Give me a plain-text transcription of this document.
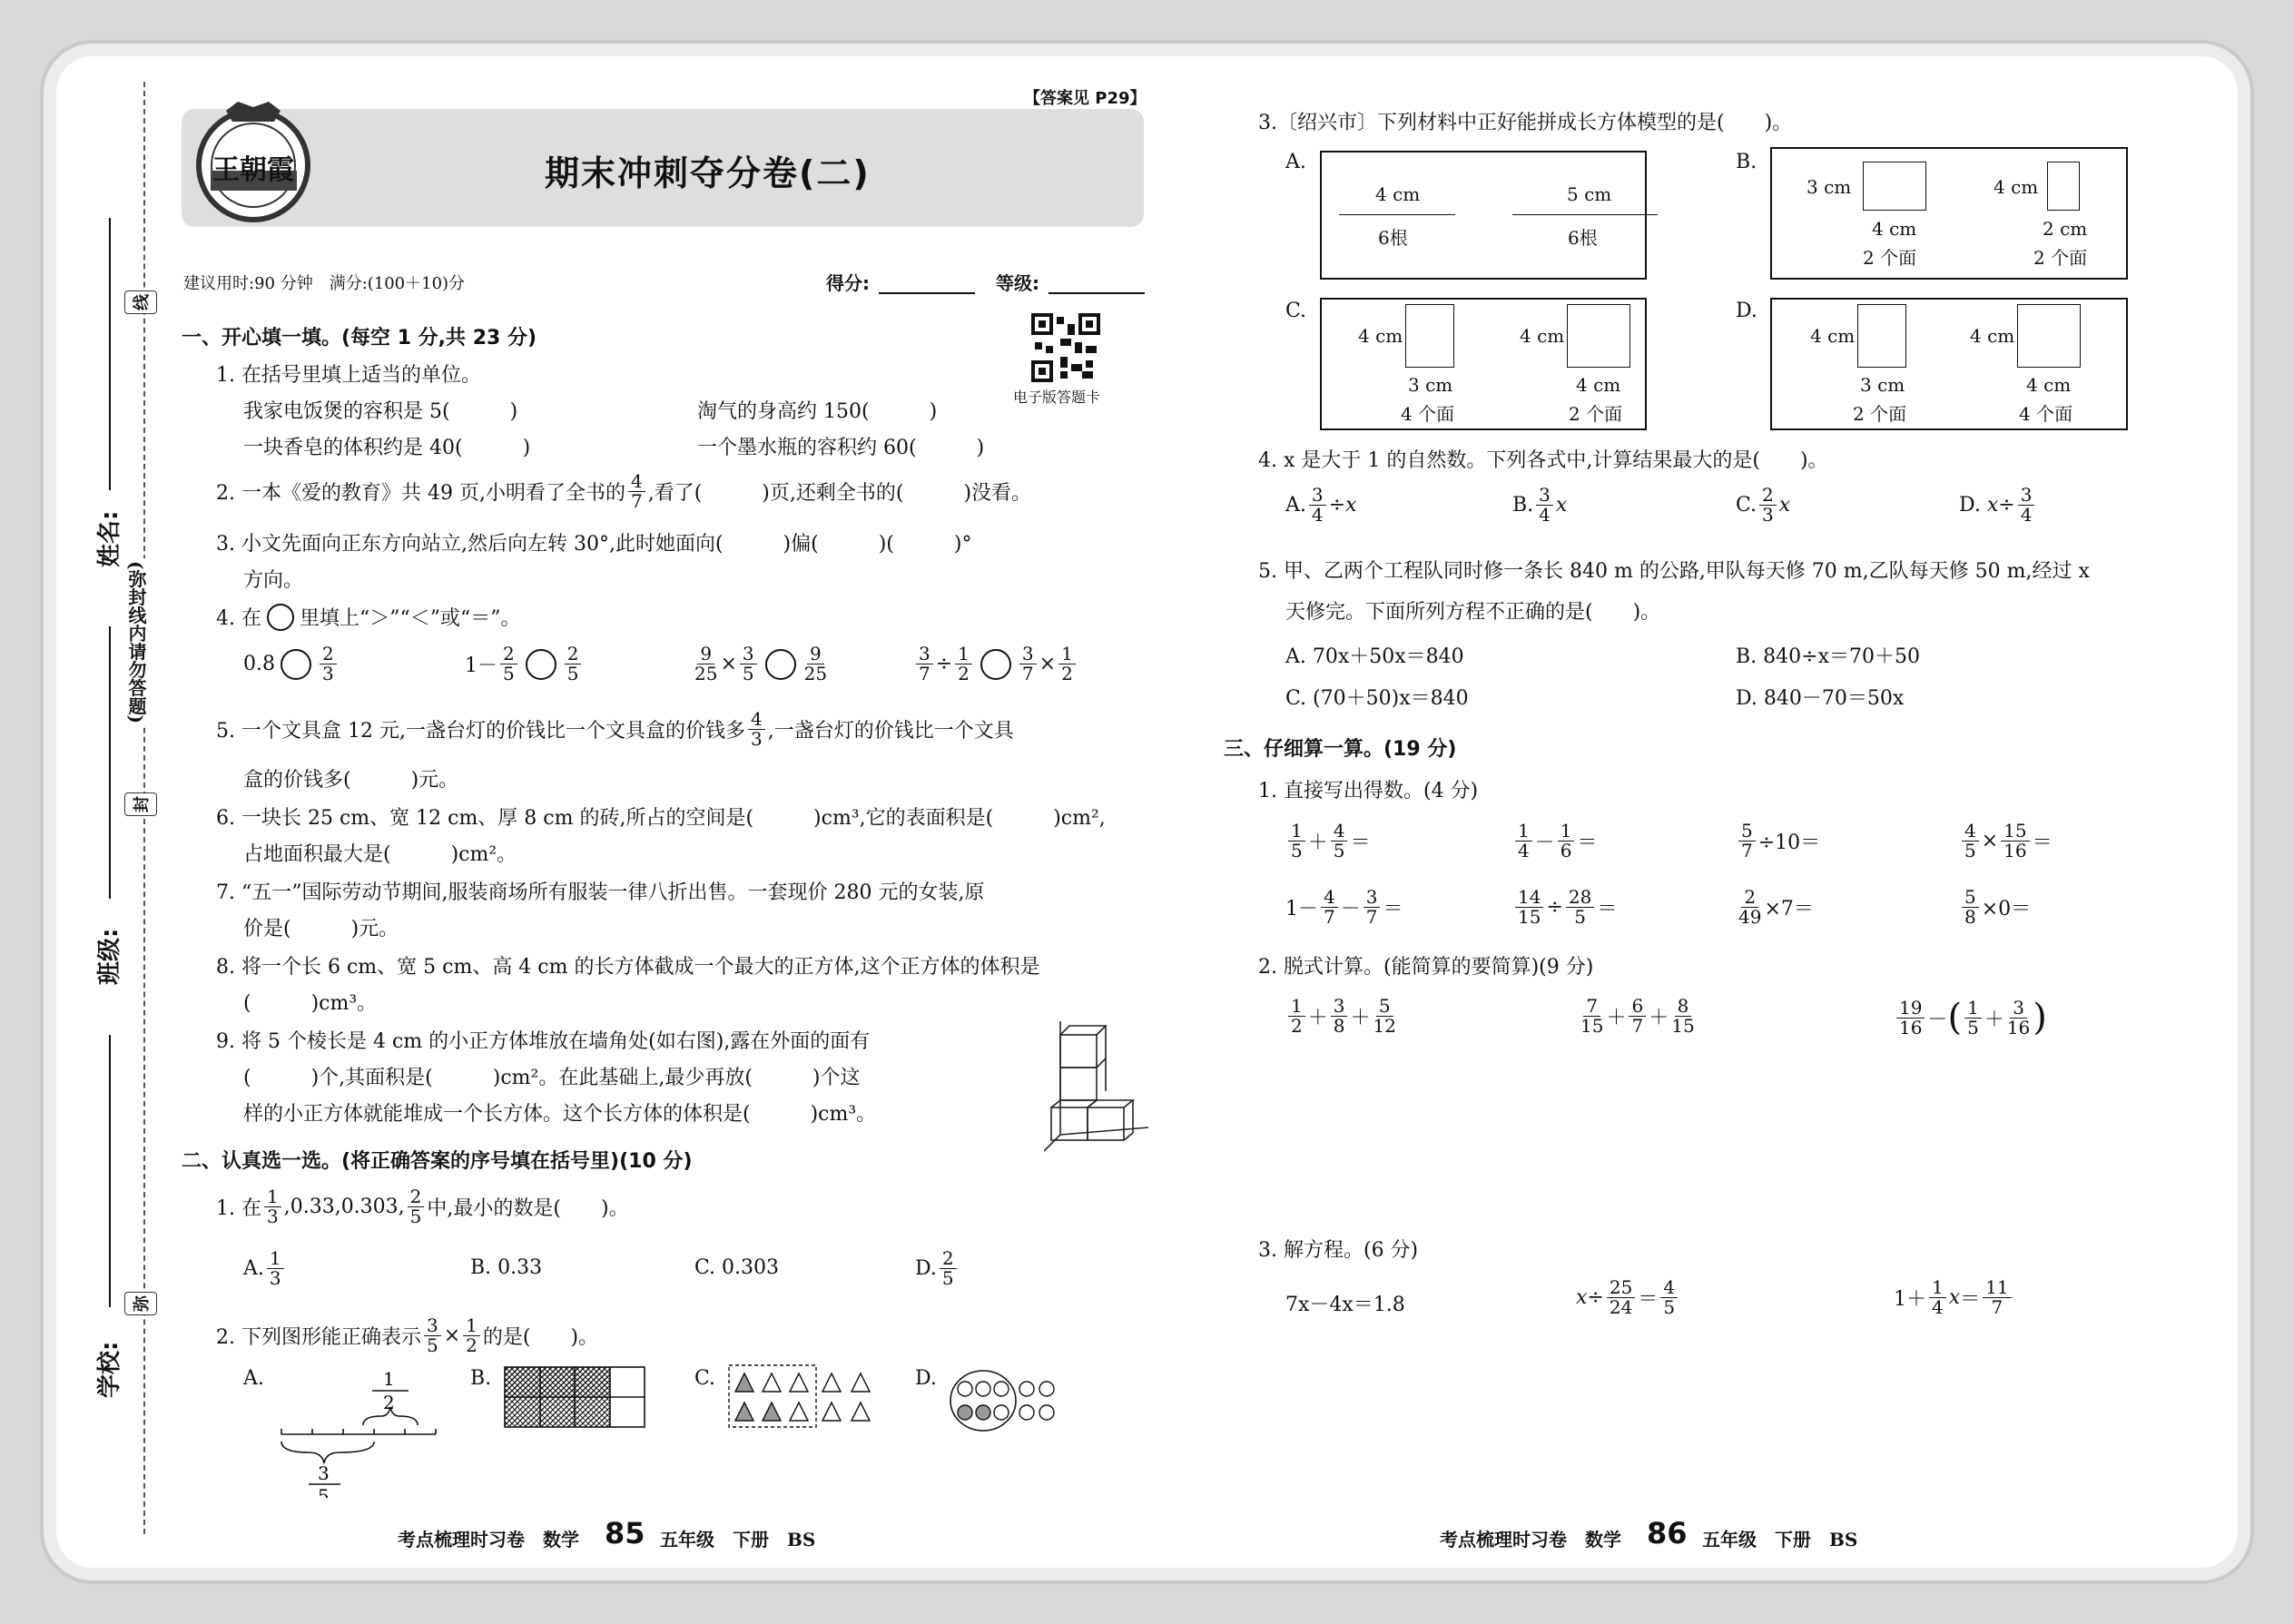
线
封
弥
(弥封线内请勿答题)
姓名:
班级:
学校:
【答案见 P29】
王朝霞	期末冲刺夺分卷(二)
建议用时:90 分钟　满分:(100＋10)分	得分:	等级:
电子版答题卡
一、开心填一填。(每空 1 分,共 23 分)
1. 在括号里填上适当的单位。
我家电饭煲的容积是 5(　　　)	淘气的身高约 150(　　　)
一块香皂的体积约是 40(　　　)	一个墨水瓶的容积约 60(　　　)
2. 一本《爱的教育》共 49 页,小明看了全书的 $\frac{4}{7}$ ,看了(　　　)页,还剩全书的(　　　)没看。
3. 小文先面向正东方向站立,然后向左转 30°,此时她面向(　　　)偏(　　　)(　　　)°
方向。
4. 在 里填上“＞”“＜”或“＝”。
$0.8 \frac{2}{3}$	$1- \frac{2}{5}$	$\frac{2}{5}$	$\frac{9}{25} \times \frac{3}{5}$	$\frac{9}{25}$	$\frac{3}{7} \div \frac{1}{2}$	$\frac{3}{7} \times \frac{1}{2}$
5. 一个文具盒 12 元,一盏台灯的价钱比一个文具盒的价钱多 $\frac{4}{3}$ ,一盏台灯的价钱比一个文具
盒的价钱多(　　　)元。
6. 一块长 25 cm、宽 12 cm、厚 8 cm 的砖,所占的空间是(　　　)cm³,它的表面积是(　　　)cm²,
占地面积最大是(　　　)cm²。
7. “五一”国际劳动节期间,服装商场所有服装一律八折出售。一套现价 280 元的女装,原
价是(　　　)元。
8. 将一个长 6 cm、宽 5 cm、高 4 cm 的长方体截成一个最大的正方体,这个正方体的体积是
(　　　)cm³。
9. 将 5 个棱长是 4 cm 的小正方体堆放在墙角处(如右图),露在外面的面有
(　　　)个,其面积是(　　　)cm²。在此基础上,最少再放(　　　)个这
样的小正方体就能堆成一个长方体。这个长方体的体积是(　　　)cm³。
二、认真选一选。(将正确答案的序号填在括号里)(10 分)
1. 在 $\frac{1}{3} ,0.33,0.303$, $\frac{2}{5}$ 中,最小的数是(　　)。
A. $\frac{1}{3}$	B. 0.33	C. 0.303	D. $\frac{2}{5}$
2. 下列图形能正确表示 $\frac{3}{5} \times \frac{1}{2}$ 的是(　　)。
A.	1
2
3
5
B.	C.	D.
考点梳理时习卷　数学 85 五年级　下册　BS
3.〔绍兴市〕下列材料中正好能拼成长方体模型的是(　　)。
A.
4 cm
6根
5 cm
6根
B.
3 cm
4 cm
2 个面
4 cm
2 cm
2 个面
C.
4 cm
3 cm
4 个面
4 cm
4 cm
2 个面
D.
4 cm
3 cm
2 个面
4 cm
4 cm
4 个面
4. x 是大于 1 的自然数。下列各式中,计算结果最大的是(　　)。
A. $\frac{3}{4} \div x$	B. $\frac{3}{4}$ x	C. $\frac{2}{3}$ x	D. $x\div \frac{3}{4}$
5. 甲、乙两个工程队同时修一条长 840 m 的公路,甲队每天修 70 m,乙队每天修 50 m,经过 x
天修完。下面所列方程不正确的是(　　)。
A. 70x＋50x＝840	B. 840÷x＝70＋50
C. (70＋50)x＝840	D. 840－70＝50x
三、仔细算一算。(19 分)
1. 直接写出得数。(4 分)
$\frac{1}{5} + \frac{4}{5}$ ＝	$\frac{1}{4} - \frac{1}{6}$ ＝	$\frac{5}{7} \div 10=$	$\frac{4}{5} \times \frac{15}{16}$ ＝
$1- \frac{4}{7} - \frac{3}{7}$ ＝	$\frac{14}{15} \div \frac{28}{5}$ ＝	$\frac{2}{49} \times 7=$	$\frac{5}{8} \times 0=$
2. 脱式计算。(能简算的要简算)(9 分)
$\frac{1}{2} + \frac{3}{8} + \frac{5}{12}$	$\frac{7}{15} + \frac{6}{7} + \frac{8}{15}$	$\frac{19}{16}$ － ( $\frac{1}{5} + \frac{3}{16}$ )
3. 解方程。(6 分)
7x－4x＝1.8	$x \div \frac{25}{24} = \frac{4}{5}$	$1+ \frac{1}{4}$ $x = \frac{11}{7}$
考点梳理时习卷　数学 86 五年级　下册　BS
